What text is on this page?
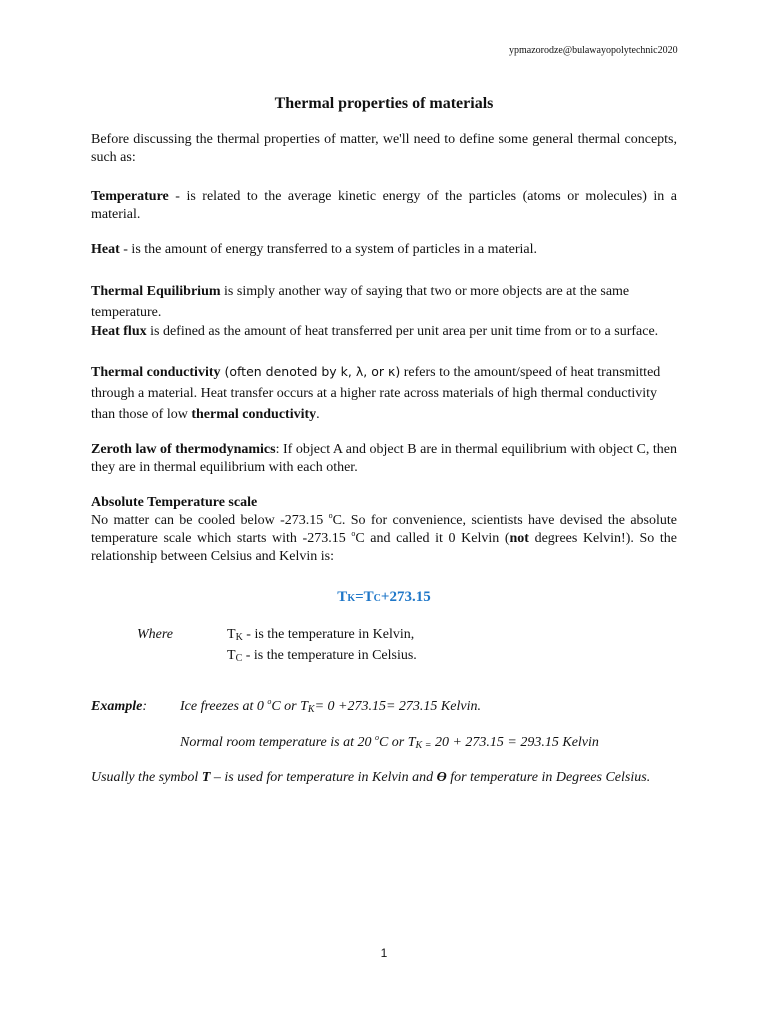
ypmazorodze@bulawayopolytechnic2020
Thermal properties of materials
Before discussing the thermal properties of matter, we'll need to define some general thermal concepts, such as:
Temperature - is related to the average kinetic energy of the particles (atoms or molecules) in a material.
Heat - is the amount of energy transferred to a system of particles in a material.
Thermal Equilibrium is simply another way of saying that two or more objects are at the same temperature.
Heat flux is defined as the amount of heat transferred per unit area per unit time from or to a surface.
Thermal conductivity (often denoted by k, λ, or κ) refers to the amount/speed of heat transmitted through a material. Heat transfer occurs at a higher rate across materials of high thermal conductivity than those of low thermal conductivity.
Zeroth law of thermodynamics: If object A and object B are in thermal equilibrium with object C, then they are in thermal equilibrium with each other.
Absolute Temperature scale
No matter can be cooled below -273.15 $^o$C. So for convenience, scientists have devised the absolute temperature scale which starts with -273.15 $^o$C and called it 0 Kelvin (not degrees Kelvin!). So the relationship between Celsius and Kelvin is:
TK=TC+273.15
Where	$T_K$ - is the temperature in Kelvin,
$T_C$ - is the temperature in Celsius.
Example: Ice freezes at 0 $^o$C or $T_K= 0 +273.15= 273.15$ Kelvin.
Normal room temperature is at 20 $^o$C or $T_{K =}$ 20 + 273.15 = 293.15 Kelvin
Usually the symbol T – is used for temperature in Kelvin and Ɵ for temperature in Degrees Celsius.
1
